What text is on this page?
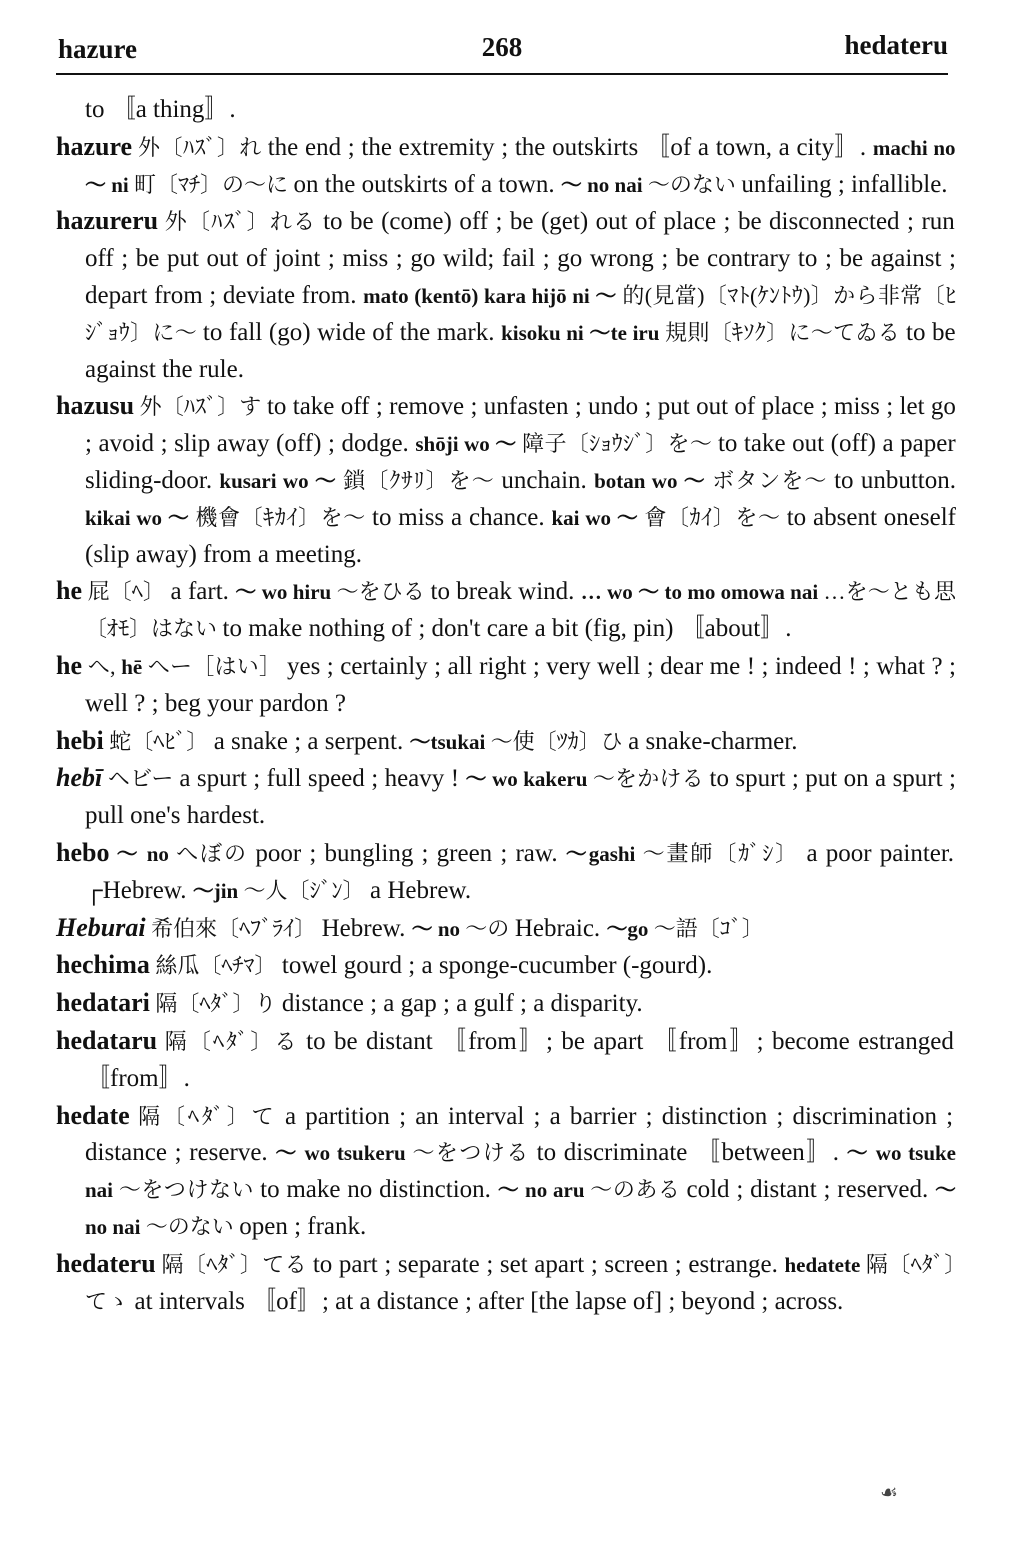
hazure	268	hedateru

to 〚a thing〛.

hazure 外〔ﾊｽﾞ〕れ the end ; the extremity ; the outskirts 〚of a town, a city〛. machi no ～ ni 町〔ﾏﾁ〕の～に on the outskirts of a town. ～ no nai ～のない unfailing ; infallible.

hazureru 外〔ﾊｽﾞ〕れる to be (come) off ; be (get) out of place ; be disconnected ; run off ; be put out of joint ; miss ; go wild; fail ; go wrong ; be contrary to ; be against ; depart from ; deviate from. mato (kentō) kara hijō ni ～ 的(見當)〔ﾏﾄ(ｹﾝﾄｳ)〕から非常〔ﾋｼﾞｮｳ〕に～ to fall (go) wide of the mark. kisoku ni ～te iru 規則〔ｷｿｸ〕に～てゐる to be against the rule.

hazusu 外〔ﾊｽﾞ〕す to take off ; remove ; unfasten ; undo ; put out of place ; miss ; let go ; avoid ; slip away (off) ; dodge. shōji wo ～ 障子〔ｼｮｳｼﾞ〕を～ to take out (off) a paper sliding-door. kusari wo ～ 鎖〔ｸｻﾘ〕を～ unchain. botan wo ～ ボタンを～ to unbutton. kikai wo ～ 機會〔ｷｶｲ〕を～ to miss a chance. kai wo ～ 會〔ｶｲ〕を～ to absent oneself (slip away) from a meeting.

he 屁〔ﾍ〕 a fart. ～ wo hiru ～をひる to break wind. … wo ～ to mo omowa nai …を～とも思〔ｵﾓ〕はない to make nothing of ; don't care a bit (fig, pin) 〚about〛.

he へ, hē へー［はい］ yes ; certainly ; all right ; very well ; dear me ! ; indeed ! ; what ? ; well ? ; beg your pardon ?

hebi 蛇〔ﾍﾋﾞ〕 a snake ; a serpent. ～tsukai ～使〔ﾂｶ〕ひ a snake-charmer.

hebī ヘビー a spurt ; full speed ; heavy ! ～ wo kakeru ～をかける to spurt ; put on a spurt ; pull one's hardest.

hebo ～ no へぼの poor ; bungling ; green ; raw. ～gashi ～畫師〔ｶﾞｼ〕 a poor painter. ┌Hebrew. ～jin ～人〔ｼﾞﾝ〕 a Hebrew.

Heburai 希伯來〔ﾍﾌﾞﾗｲ〕 Hebrew. ～ no ～の Hebraic. ～go ～語〔ｺﾞ〕

hechima 絲瓜〔ﾍﾁﾏ〕 towel gourd ; a sponge-cucumber (-gourd).

hedatari 隔〔ﾍﾀﾞ〕り distance ; a gap ; a gulf ; a disparity.

hedataru 隔〔ﾍﾀﾞ〕る to be distant 〚from〛; be apart 〚from〛; become estranged 〚from〛.

hedate 隔〔ﾍﾀﾞ〕て a partition ; an interval ; a barrier ; distinction ; discrimination ; distance ; reserve. ～ wo tsukeru ～をつける to discriminate 〚between〛. ～ wo tsuke nai ～をつけない to make no distinction. ～ no aru ～のある cold ; distant ; reserved. ～ no nai ～のない open ; frank.

hedateru 隔〔ﾍﾀﾞ〕てる to part ; separate ; set apart ; screen ; estrange. hedatete 隔〔ﾍﾀﾞ〕てゝ at intervals 〚of〛; at a distance ; after [the lapse of] ; beyond ; across.

☙
